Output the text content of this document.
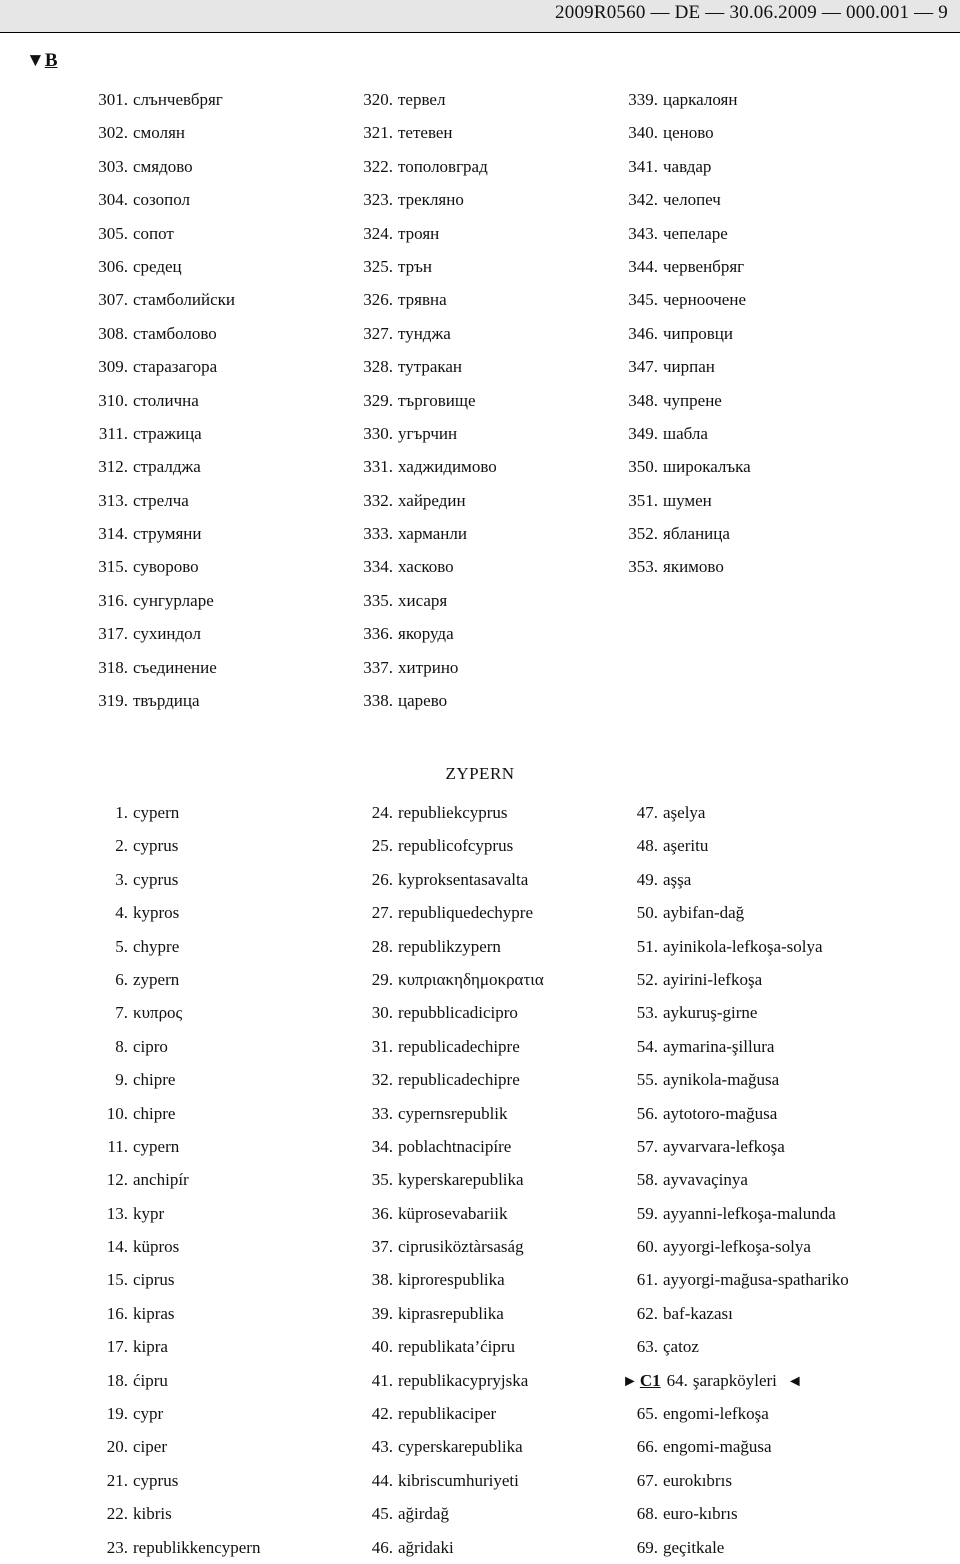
2009R0560 — DE — 30.06.2009 — 000.001 — 9
▼B
301. слънчевбряг
302. смолян
303. смядово
304. созопол
305. сопот
306. средец
307. стамболийски
308. стамболово
309. старазагора
310. столична
311. стражица
312. стралджа
313. стрелча
314. струмяни
315. суворово
316. сунгурларе
317. сухиндол
318. съединение
319. твърдица
320. тервел
321. тетевен
322. тополовград
323. трекляно
324. троян
325. трън
326. трявна
327. тунджа
328. тутракан
329. търговище
330. угърчин
331. хаджидимово
332. хайредин
333. харманли
334. хасково
335. хисаря
336. якоруда
337. хитрино
338. царево
339. царкалоян
340. ценово
341. чавдар
342. челопеч
343. чепеларе
344. червенбряг
345. черноочене
346. чипровци
347. чирпан
348. чупрене
349. шабла
350. широкалъка
351. шумен
352. ябланица
353. якимово
ZYPERN
1. cypern
2. cyprus
3. cyprus
4. kypros
5. chypre
6. zypern
7. κυπρος
8. cipro
9. chipre
10. chipre
11. cypern
12. anchipír
13. kypr
14. küpros
15. ciprus
16. kipras
17. kipra
18. ćipru
19. cypr
20. ciper
21. cyprus
22. kibris
23. republikkencypern
24. republiekcyprus
25. republicofcyprus
26. kyproksentasavalta
27. republiquedechypre
28. republikzypern
29. κυπριακηδημοκρατια
30. repubblicadicipro
31. republicadechipre
32. republicadechipre
33. cypernsrepublik
34. poblachtnacipíre
35. kyperskarepublika
36. küprosevabariik
37. ciprusiköztàrsaság
38. kiprorespublika
39. kiprasrepublika
40. republikata’ćipru
41. republikacypryjska
42. republikaciper
43. cyperskarepublika
44. kibriscumhuriyeti
45. ağirdağ
46. ağridaki
47. aşelya
48. aşeritu
49. aşşa
50. aybifan-dağ
51. ayinikola-lefkoşa-solya
52. ayirini-lefkoşa
53. aykuruş-girne
54. aymarina-şillura
55. aynikola-mağusa
56. aytotoro-mağusa
57. ayvarvara-lefkoşa
58. ayvavaçinya
59. ayyanni-lefkoşa-malunda
60. ayyorgi-lefkoşa-solya
61. ayyorgi-mağusa-spathariko
62. baf-kazası
63. çatoz
► C1 64. şarapköyleri ◄
65. engomi-lefkoşa
66. engomi-mağusa
67. eurokıbrıs
68. euro-kıbrıs
69. geçitkale
